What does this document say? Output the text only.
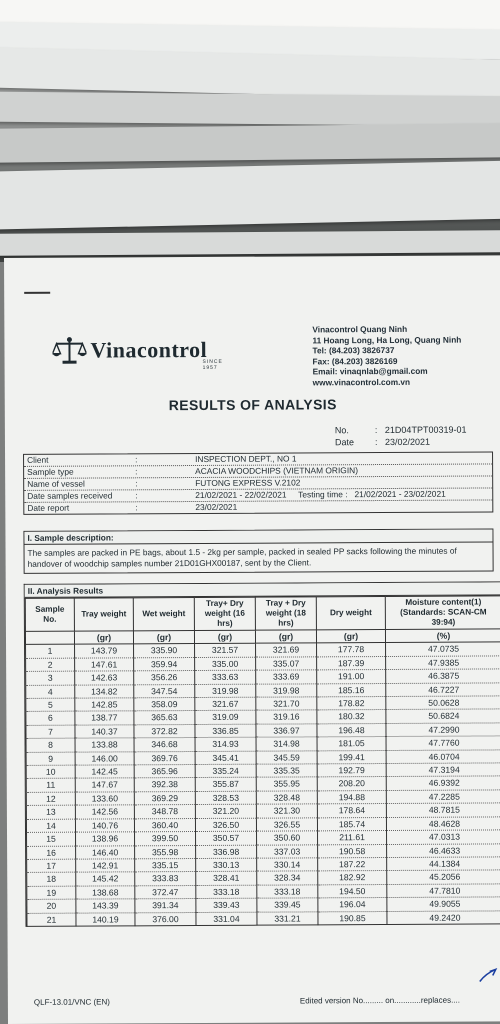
Vinacontrol
SINCE 1957
Vinacontrol Quang Ninh
11 Hoang Long, Ha Long, Quang Ninh
Tel: (84.203) 3826737
Fax: (84.203) 3826169
Email: vinaqnlab@gmail.com
www.vinacontrol.com.vn
RESULTS OF ANALYSIS
No.	: 21D04TPT00319-01
Date	: 23/02/2021
Client	:	INSPECTION DEPT., NO 1
Sample type	:	ACACIA WOODCHIPS (VIETNAM ORIGIN)
Name of vessel	:	FUTONG EXPRESS V.2102
Date samples received	:	21/02/2021 - 22/02/2021 Testing time : 21/02/2021 - 23/02/2021
Date report	:	23/02/2021
I. Sample description:
The samples are packed in PE bags, about 1.5 - 2kg per sample, packed in sealed PP sacks following the minutes of handover of woodchip samples number 21D01GHX00187, sent by the Client.
II. Analysis Results
Sample No.	Tray weight	Wet weight	Tray+ Dry weight (16 hrs)	Tray + Dry weight (18 hrs)	Dry weight	Moisture content(1) (Standards: SCAN-CM 39:94)
	(gr)	(gr)	(gr)	(gr)	(gr)	(%)
1	143.79	335.90	321.57	321.69	177.78	47.0735
2	147.61	359.94	335.00	335.07	187.39	47.9385
3	142.63	356.26	333.63	333.69	191.00	46.3875
4	134.82	347.54	319.98	319.98	185.16	46.7227
5	142.85	358.09	321.67	321.70	178.82	50.0628
6	138.77	365.63	319.09	319.16	180.32	50.6824
7	140.37	372.82	336.85	336.97	196.48	47.2990
8	133.88	346.68	314.93	314.98	181.05	47.7760
9	146.00	369.76	345.41	345.59	199.41	46.0704
10	142.45	365.96	335.24	335.35	192.79	47.3194
11	147.67	392.38	355.87	355.95	208.20	46.9392
12	133.60	369.29	328.53	328.48	194.88	47.2285
13	142.56	348.78	321.20	321.30	178.64	48.7815
14	140.76	360.40	326.50	326.55	185.74	48.4628
15	138.96	399.50	350.57	350.60	211.61	47.0313
16	146.40	355.98	336.98	337.03	190.58	46.4633
17	142.91	335.15	330.13	330.14	187.22	44.1384
18	145.42	333.83	328.41	328.34	182.92	45.2056
19	138.68	372.47	333.18	333.18	194.50	47.7810
20	143.39	391.34	339.43	339.45	196.04	49.9055
21	140.19	376.00	331.04	331.21	190.85	49.2420
QLF-13.01/VNC (EN)	Edited version No......... on............replaces....
